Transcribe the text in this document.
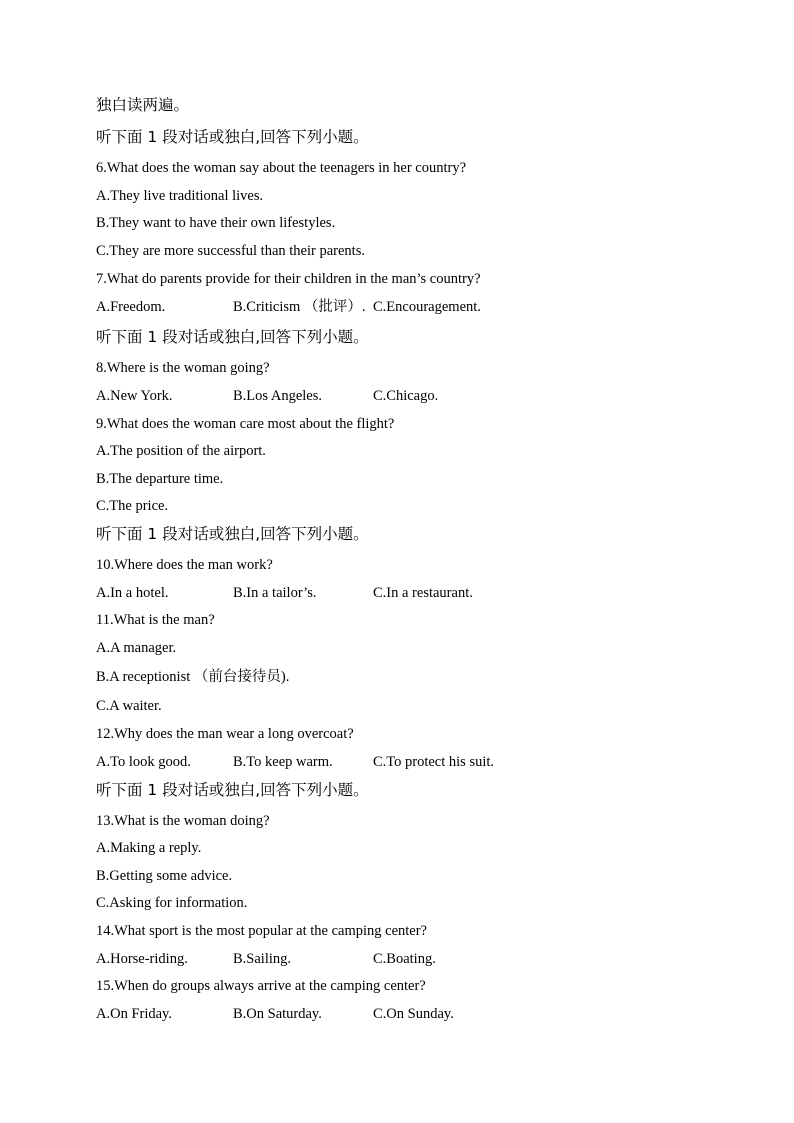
独白读两遍。
听下面 1 段对话或独白,回答下列小题。
6.What does the woman say about the teenagers in her country?
A.They live traditional lives.
B.They want to have their own lifestyles.
C.They are more successful than their parents.
7.What do parents provide for their children in the man’s country?
A.Freedom.	B.Criticism （批评）. C.Encouragement.
听下面 1 段对话或独白,回答下列小题。
8.Where is the woman going?
A.New York.	B.Los Angeles.	C.Chicago.
9.What does the woman care most about the flight?
A.The position of the airport.
B.The departure time.
C.The price.
听下面 1 段对话或独白,回答下列小题。
10.Where does the man work?
A.In a hotel.	B.In a tailor’s.	C.In a restaurant.
11.What is the man?
A.A manager.
B.A receptionist （前台接待员).
C.A waiter.
12.Why does the man wear a long overcoat?
A.To look good.	B.To keep warm.	C.To protect his suit.
听下面 1 段对话或独白,回答下列小题。
13.What is the woman doing?
A.Making a reply.
B.Getting some advice.
C.Asking for information.
14.What sport is the most popular at the camping center?
A.Horse-riding.	B.Sailing.	C.Boating.
15.When do groups always arrive at the camping center?
A.On Friday.	B.On Saturday.	C.On Sunday.
